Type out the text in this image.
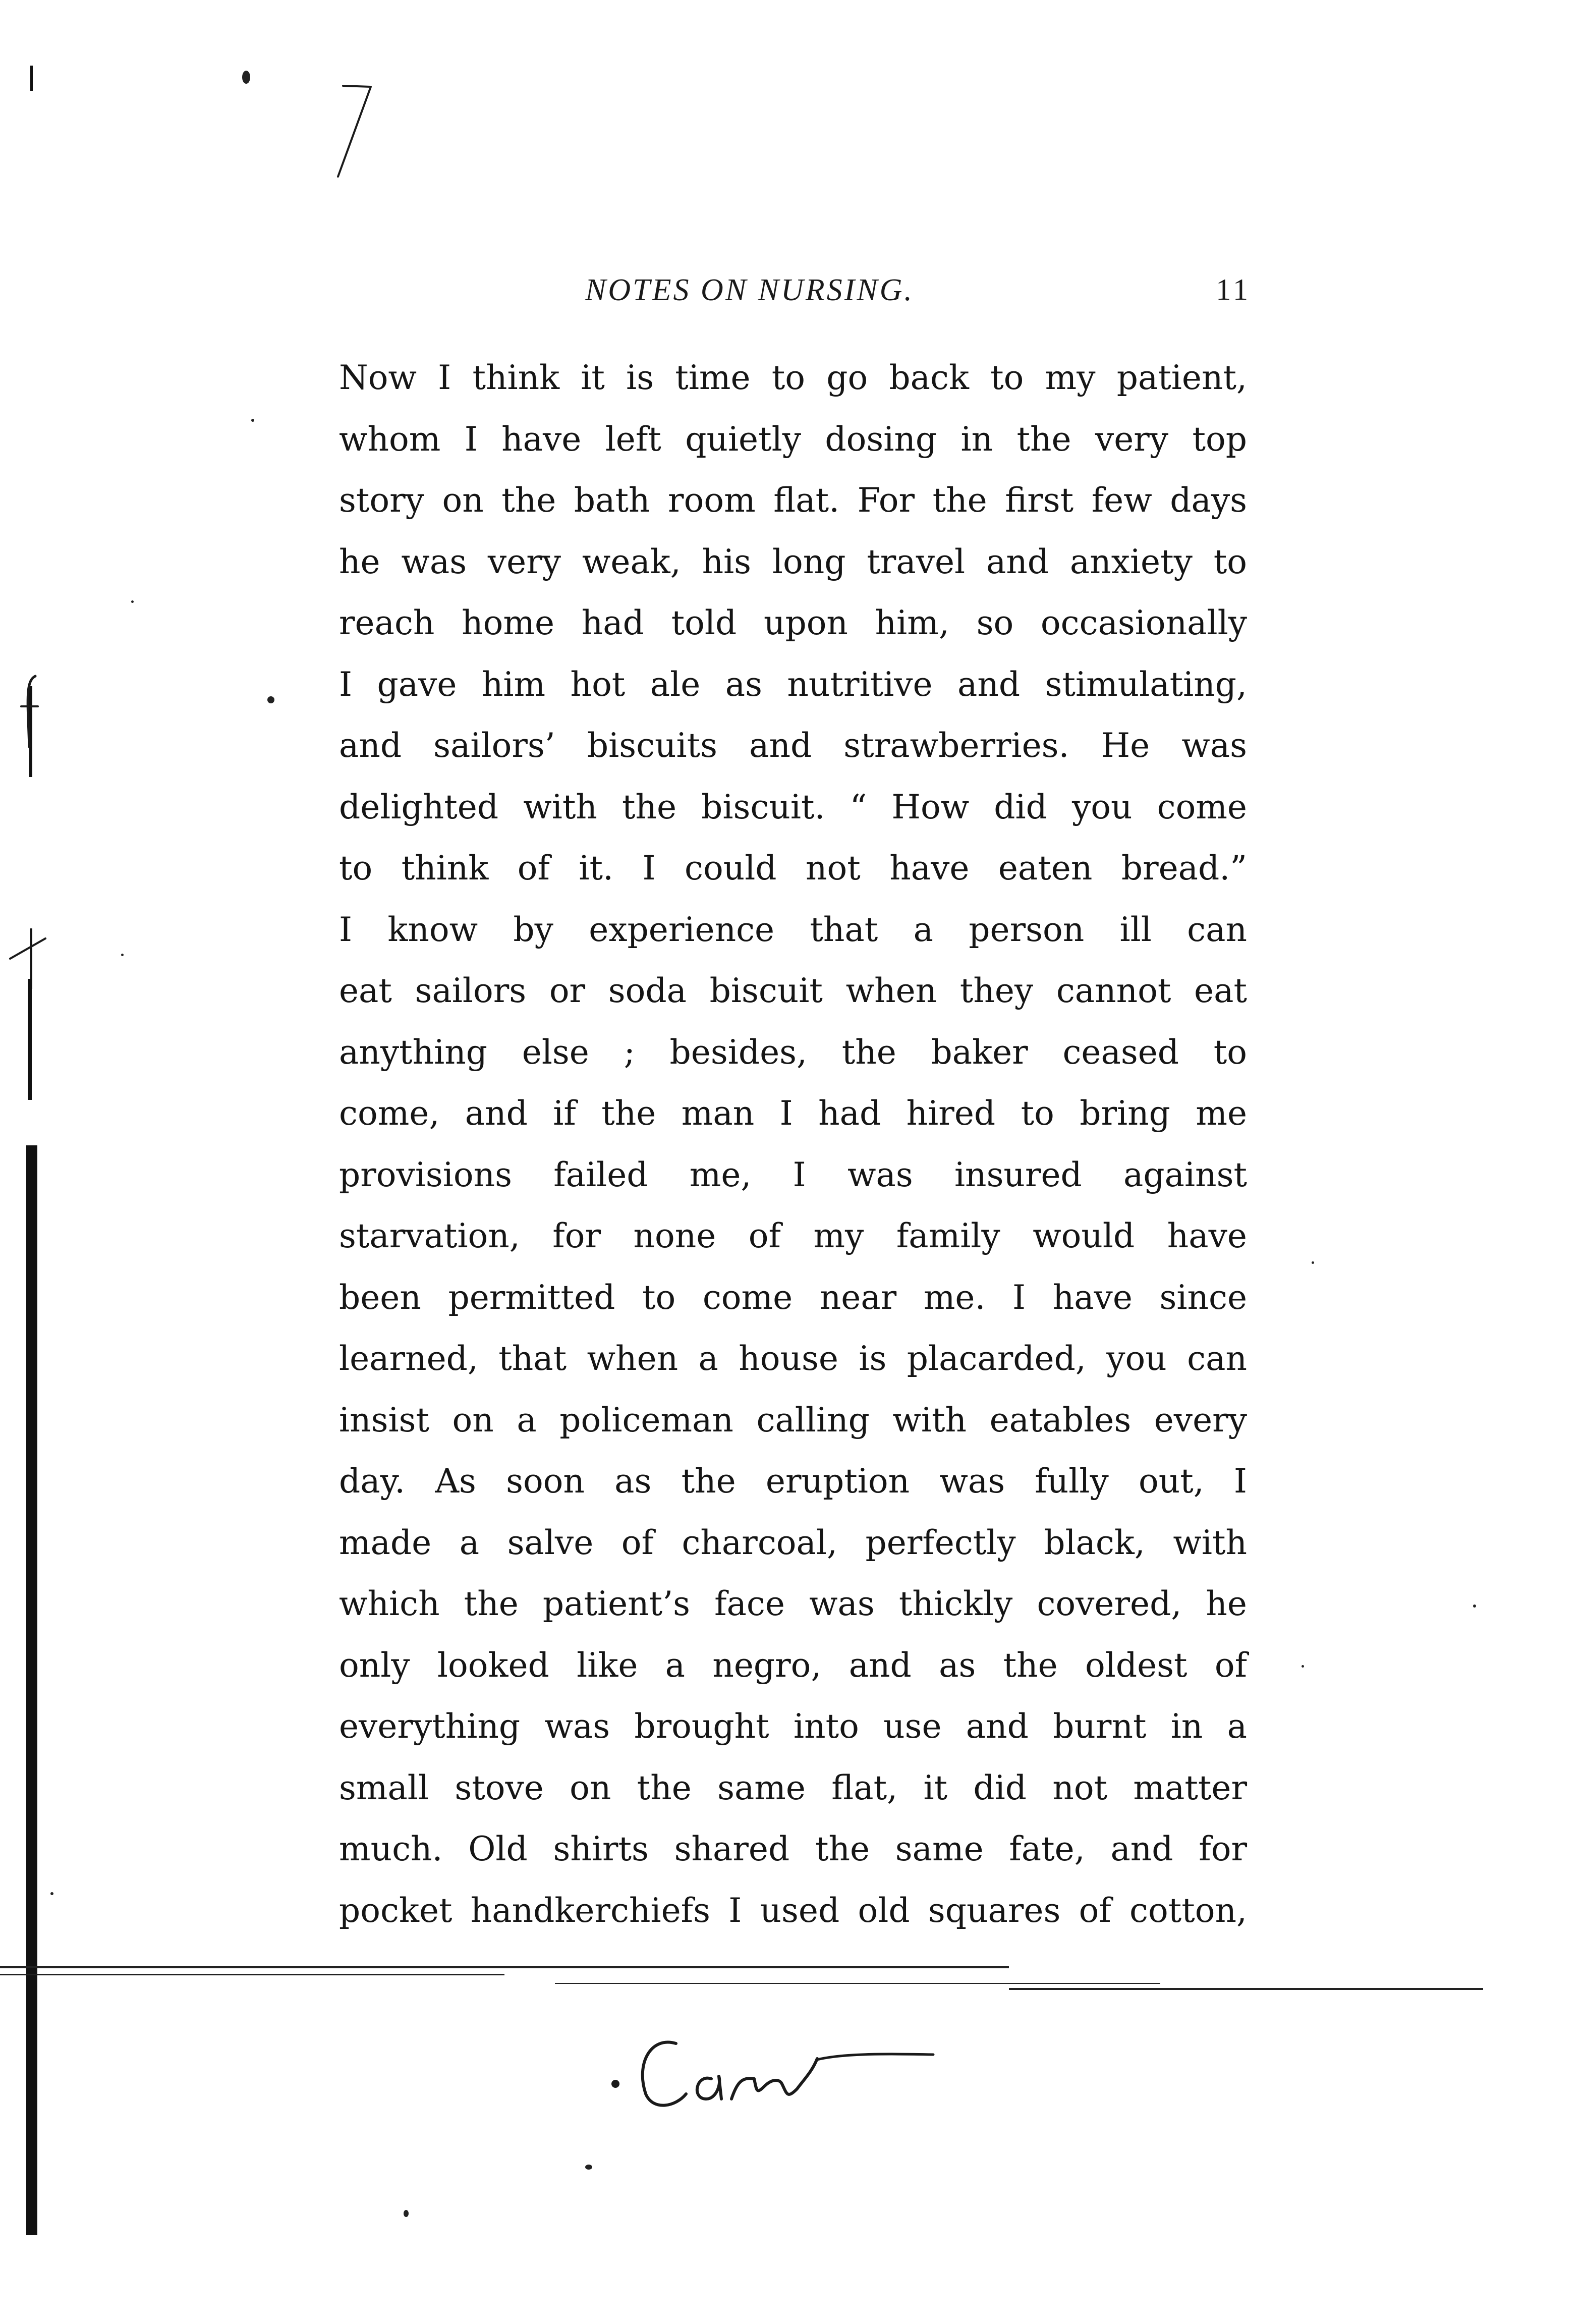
NOTES ON NURSING.	11
Now I think it is time to go back to my patient,
whom I have left quietly dosing in the very top
story on the bath room flat. For the first few days
he was very weak, his long travel and anxiety to
reach home had told upon him, so occasionally
I gave him hot ale as nutritive and stimulating,
and sailors’ biscuits and strawberries. He was
delighted with the biscuit. “ How did you come
to think of it. I could not have eaten bread.”
I know by experience that a person ill can
eat sailors or soda biscuit when they cannot eat
anything else ; besides, the baker ceased to
come, and if the man I had hired to bring me
provisions failed me, I was insured against
starvation, for none of my family would have
been permitted to come near me. I have since
learned, that when a house is placarded, you can
insist on a policeman calling with eatables every
day. As soon as the eruption was fully out, I
made a salve of charcoal, perfectly black, with
which the patient’s face was thickly covered, he
only looked like a negro, and as the oldest of
everything was brought into use and burnt in a
small stove on the same flat, it did not matter
much. Old shirts shared the same fate, and for
pocket handkerchiefs I used old squares of cotton,
